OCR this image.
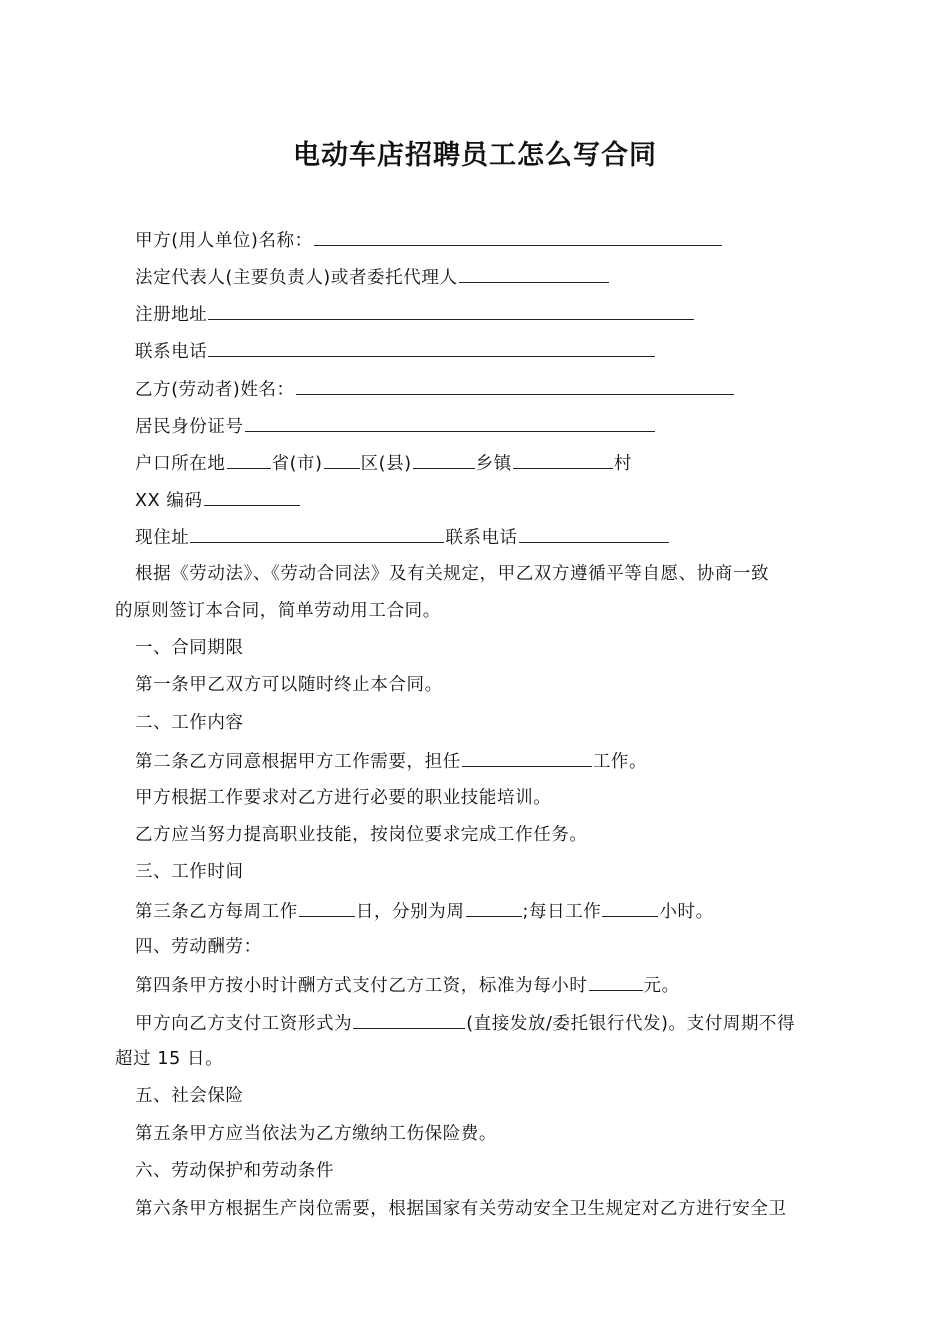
电动车店招聘员工怎么写合同
甲方(用人单位)名称：
法定代表人(主要负责人)或者委托代理人
注册地址
联系电话
乙方(劳动者)姓名：
居民身份证号
户口所在地	省(市) 区(县)	乡镇	村
XX 编码
现住址	联系电话
根据《劳动法》、《劳动合同法》及有关规定，甲乙双方遵循平等自愿、协商一致
的原则签订本合同，简单劳动用工合同。
一、合同期限
第一条甲乙双方可以随时终止本合同。
二、工作内容
第二条乙方同意根据甲方工作需要，担任	工作。
甲方根据工作要求对乙方进行必要的职业技能培训。
乙方应当努力提高职业技能，按岗位要求完成工作任务。
三、工作时间
第三条乙方每周工作	日，分别为周	;每日工作	小时。
四、劳动酬劳：
第四条甲方按小时计酬方式支付乙方工资，标准为每小时	元。
甲方向乙方支付工资形式为	(直接发放/委托银行代发)。支付周期不得
超过 15 日。
五、社会保险
第五条甲方应当依法为乙方缴纳工伤保险费。
六、劳动保护和劳动条件
第六条甲方根据生产岗位需要，根据国家有关劳动安全卫生规定对乙方进行安全卫
